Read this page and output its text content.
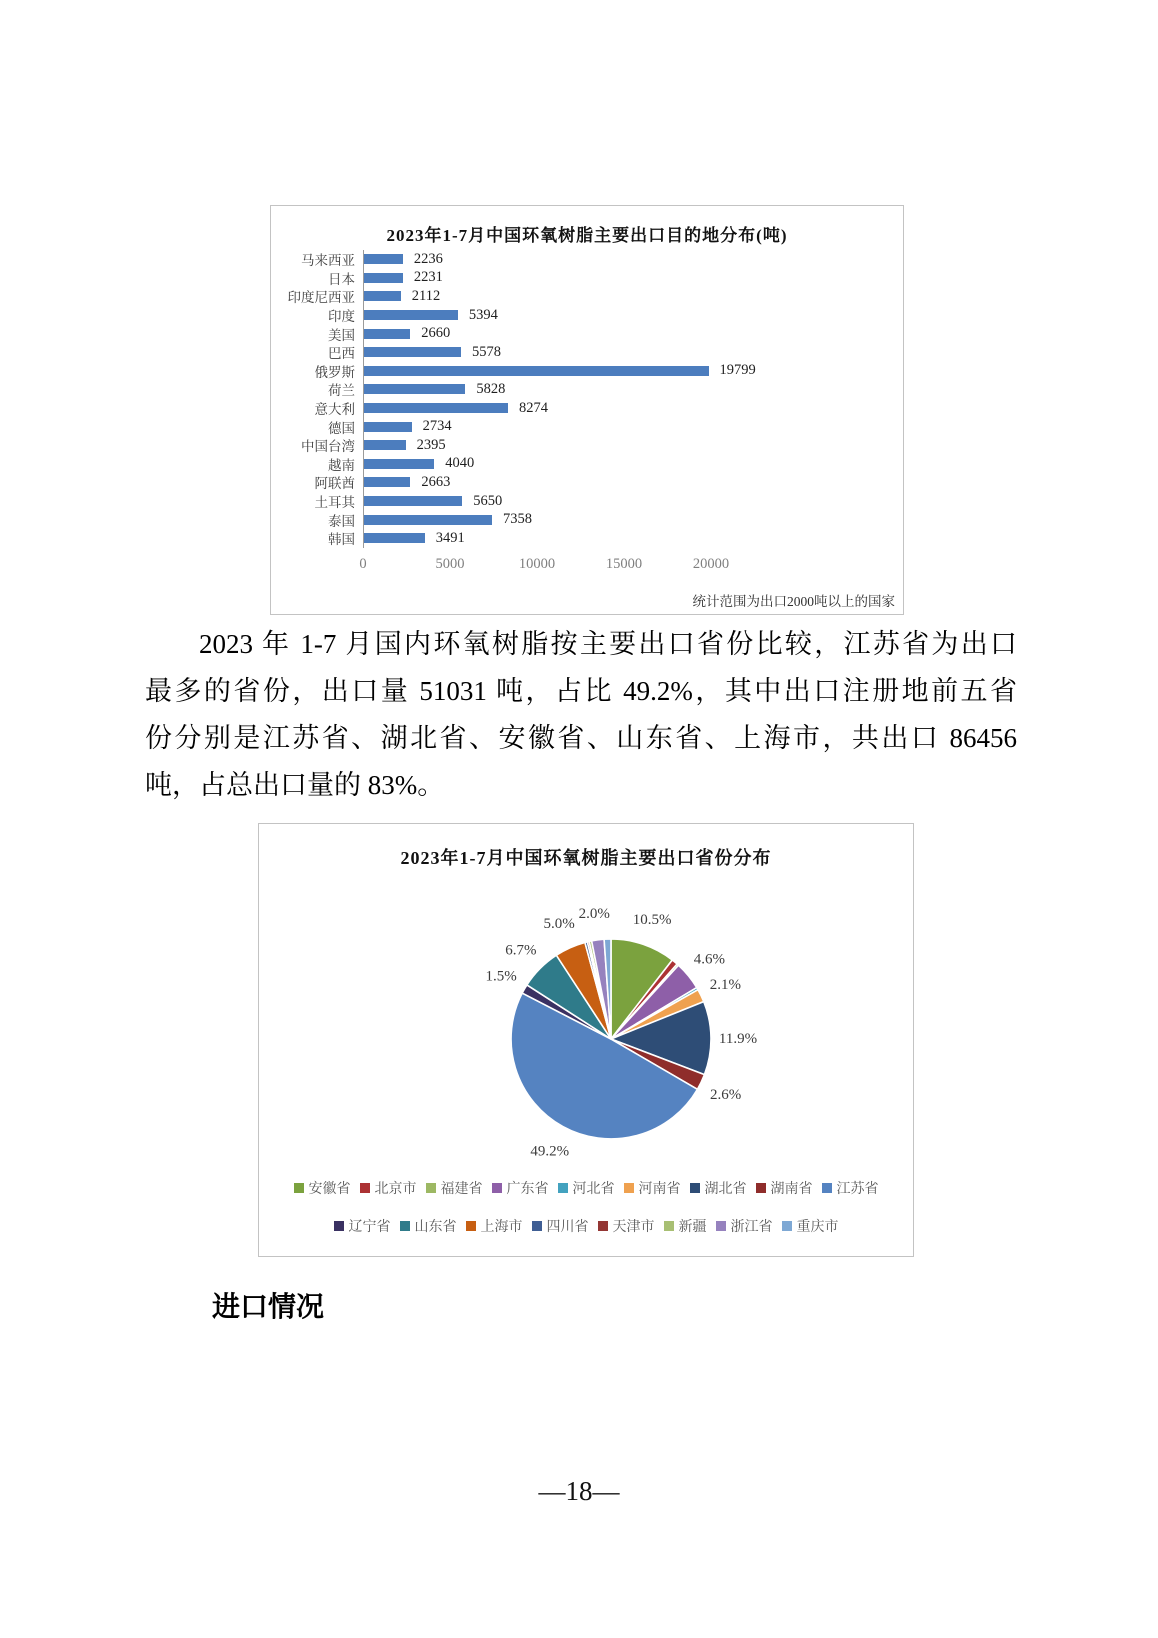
2023年1-7月中国环氧树脂主要出口目的地分布(吨)
马来西亚	2236
日本	2231
印度尼西亚	2112
印度	5394
美国	2660
巴西	5578
俄罗斯	19799
荷兰	5828
意大利	8274
德国	2734
中国台湾	2395
越南	4040
阿联酋	2663
土耳其	5650
泰国	7358
韩国	3491
0	5000	10000	15000	20000
统计范围为出口2000吨以上的国家
2023 年 1-7 月国内环氧树脂按主要出口省份比较，江苏省为出口
最多的省份，出口量 51031 吨，占比 49.2%，其中出口注册地前五省
份分别是江苏省、湖北省、安徽省、山东省、上海市，共出口 86456
吨，占总出口量的 83%。
2023年1-7月中国环氧树脂主要出口省份分布
10.5%
4.6%
2.1%
11.9%
2.6%
49.2%
1.5%
6.7%
5.0%
2.0%
安徽省 北京市 福建省 广东省 河北省 河南省 湖北省 湖南省 江苏省
辽宁省 山东省 上海市 四川省 天津市 新疆 浙江省 重庆市
进口情况
—18—
